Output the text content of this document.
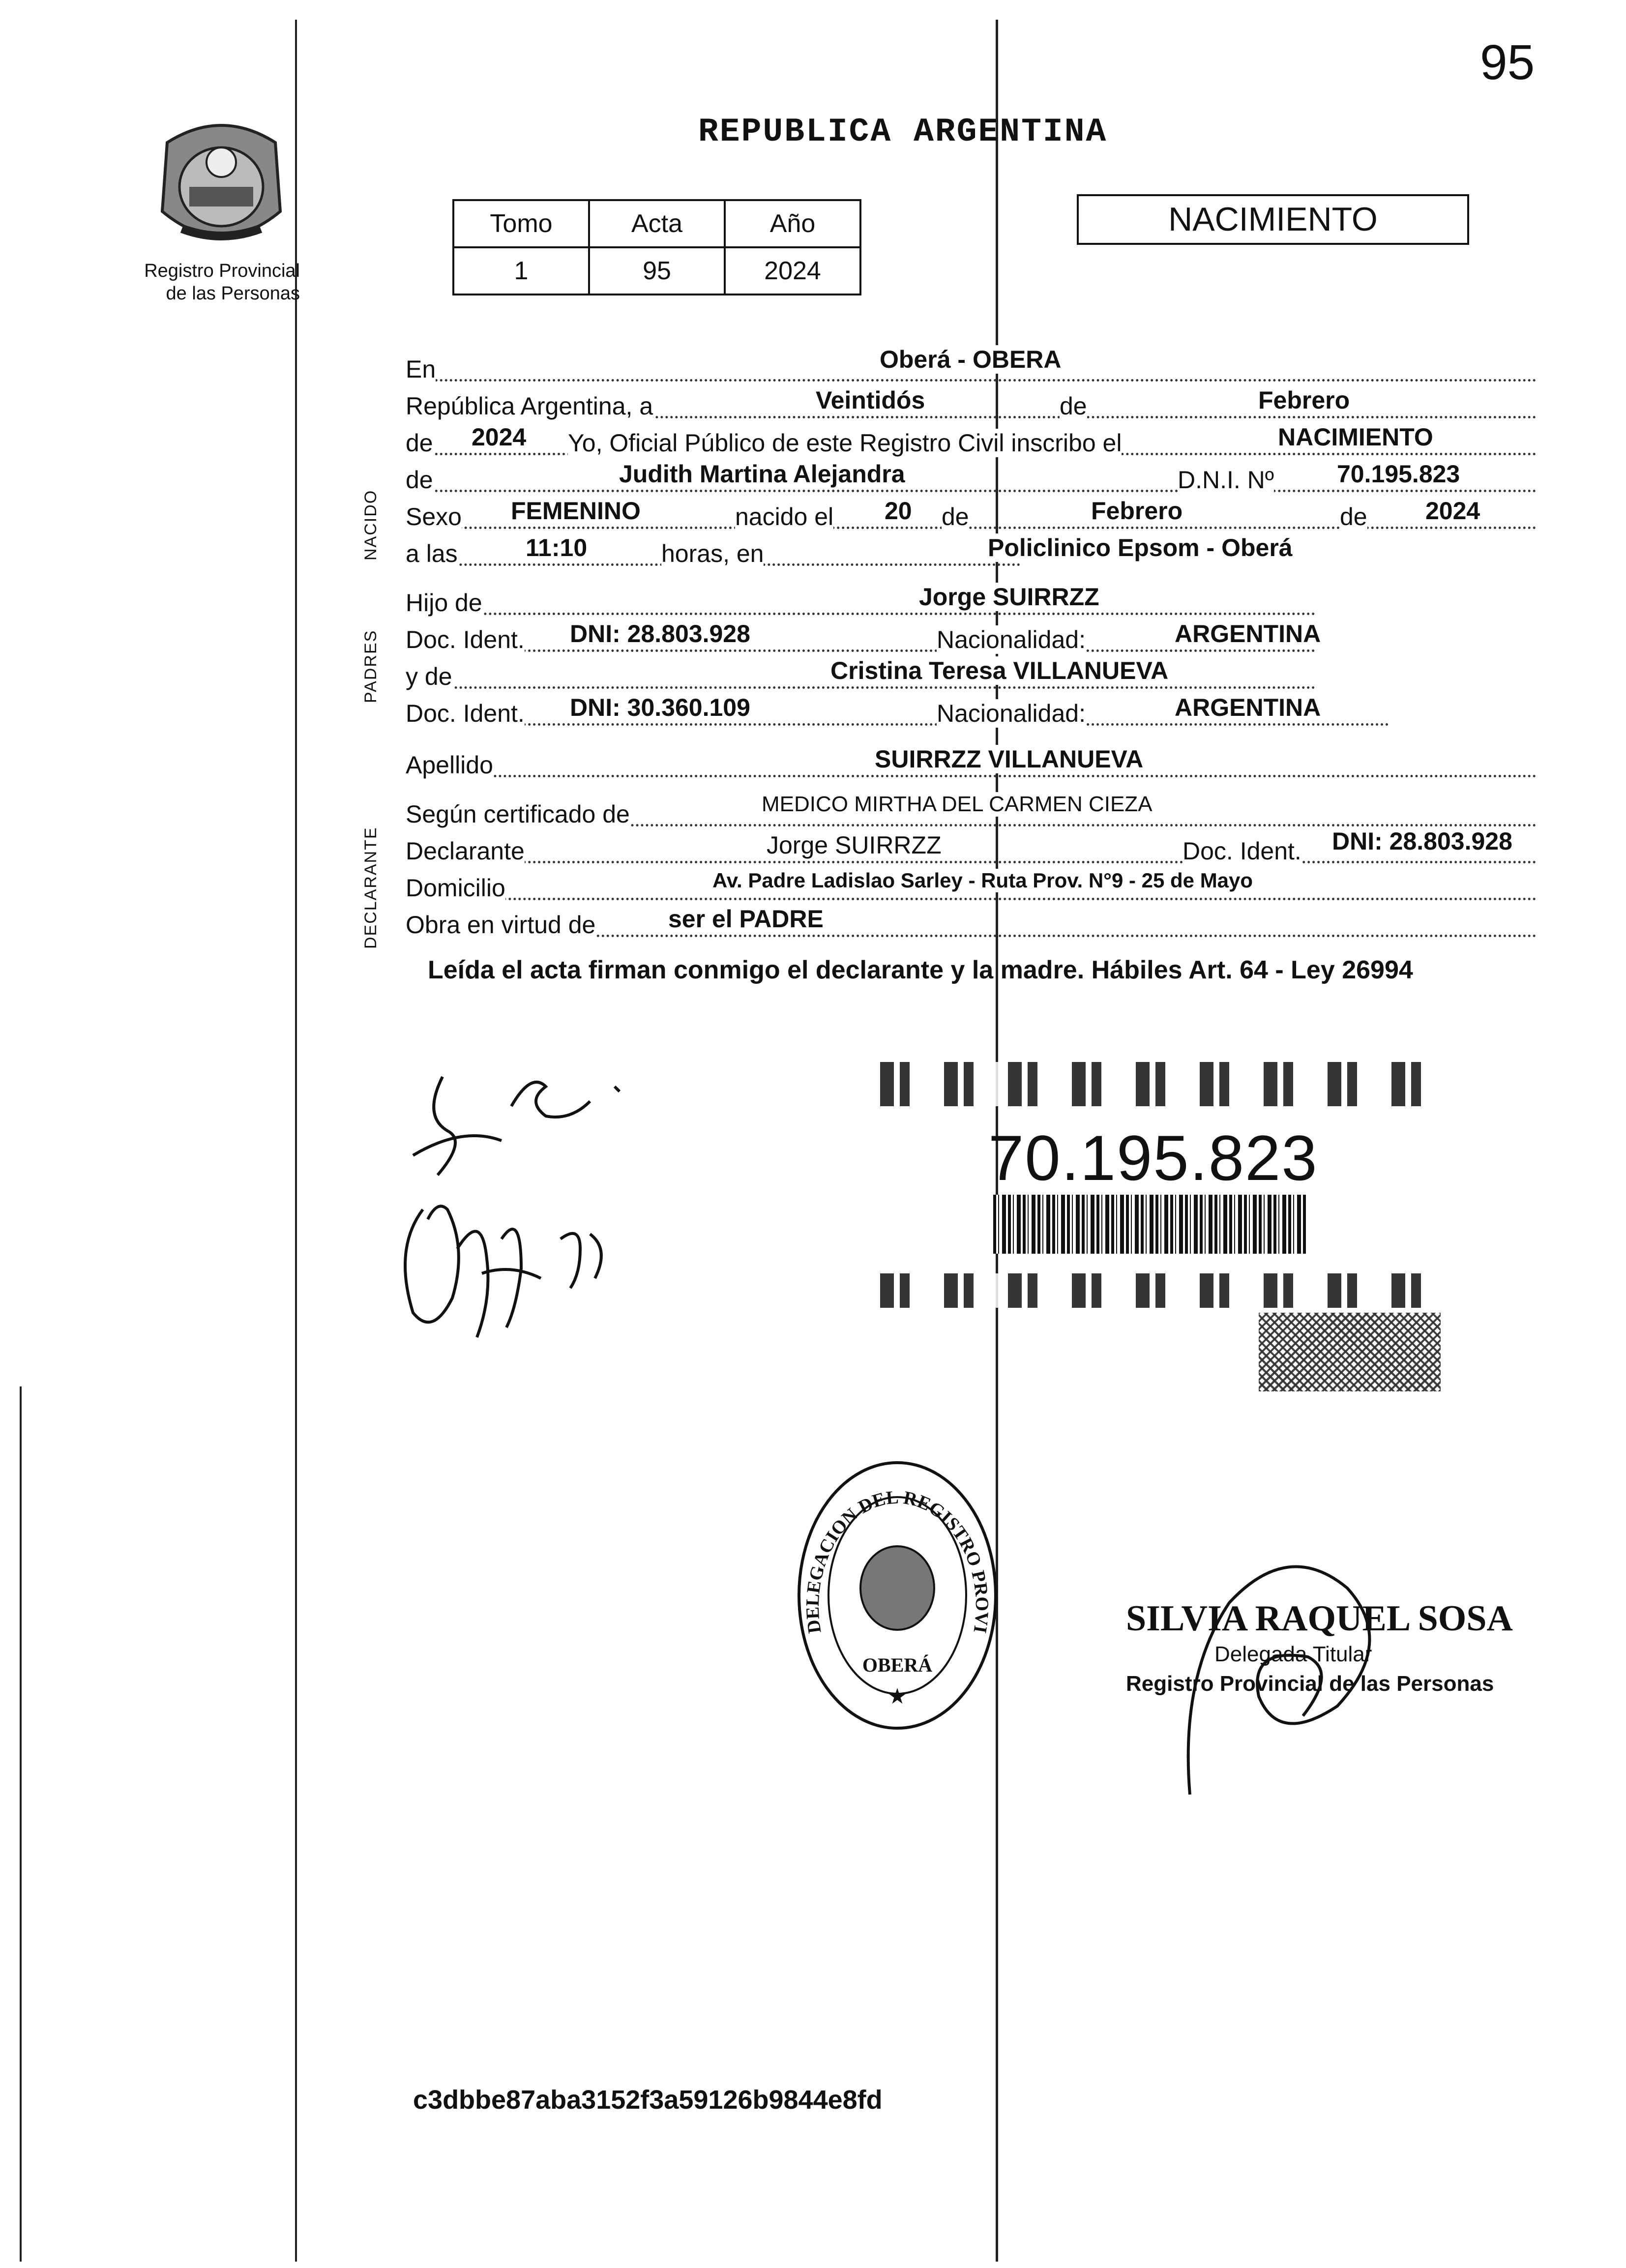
95
Registro Provincial
de las Personas
REPUBLICA ARGENTINA
Tomo	Acta	Año
1	95	2024
NACIMIENTO
NACIDO
PADRES
DECLARANTE
En	Oberá - OBERA
República Argentina, a	Veintidós	de	Febrero
de 2024 Yo, Oficial Público de este Registro Civil inscribo el	NACIMIENTO
de	Judith Martina Alejandra	D.N.I. Nº	70.195.823
Sexo FEMENINO	nacido el 20 de	Febrero	de 2024
a las	11:10	horas, en	Policlinico Epsom - Oberá
Hijo de	Jorge SUIRRZZ
Doc. Ident. DNI: 28.803.928	Nacionalidad:	ARGENTINA
y de	Cristina Teresa VILLANUEVA
Doc. Ident. DNI: 30.360.109	Nacionalidad:	ARGENTINA
Apellido	SUIRRZZ VILLANUEVA
Según certificado de	MEDICO MIRTHA DEL CARMEN CIEZA
Declarante	Jorge SUIRRZZ	Doc. Ident. DNI: 28.803.928
Domicilio	Av. Padre Ladislao Sarley - Ruta Prov. N°9 - 25 de Mayo
Obra en virtud de	ser el PADRE
Leída el acta firman conmigo el declarante y la madre. Hábiles Art. 64 - Ley 26994
70.195.823
DELEGACION DEL REGISTRO PROVI
OBERÁ
★
SILVIA RAQUEL SOSA
Delegada Titular
Registro Provincial de las Personas
c3dbbe87aba3152f3a59126b9844e8fd
